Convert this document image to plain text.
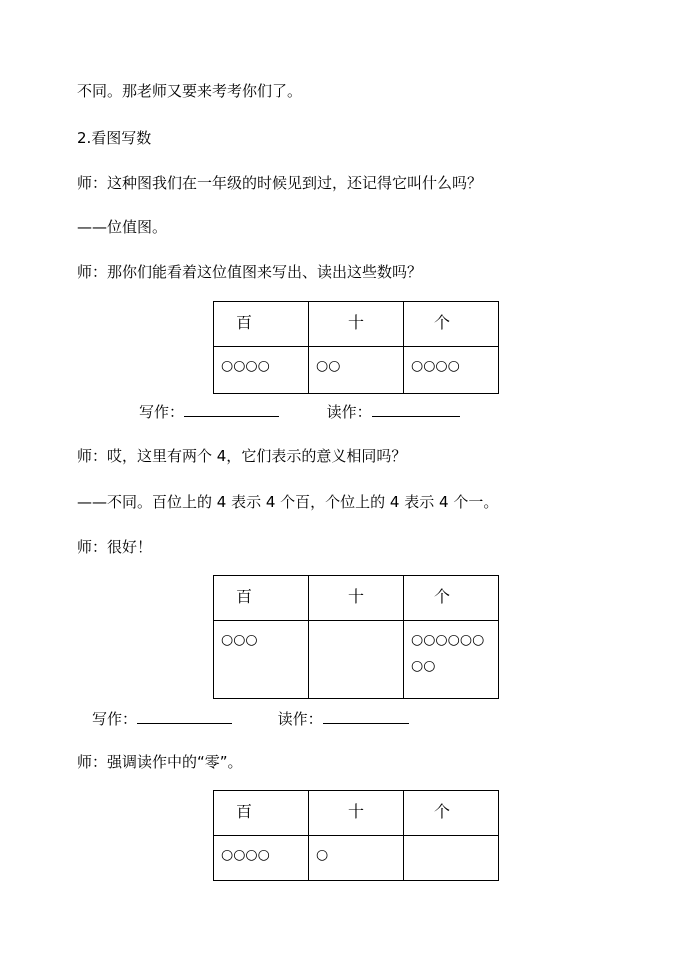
不同。那老师又要来考考你们了。
2.看图写数
师：这种图我们在一年级的时候见到过，还记得它叫什么吗？
——位值图。
师：那你们能看着这位值图来写出、读出这些数吗？
百	十	个

○○○○	○○	○○○○
写作：	读作：
师：哎，这里有两个 4，它们表示的意义相同吗？
——不同。百位上的 4 表示 4 个百，个位上的 4 表示 4 个一。
师：很好！
百	十	个

○○○		○○○○○○
○○
写作：	读作：
师：强调读作中的“零”。
百	十	个

○○○○	○	
